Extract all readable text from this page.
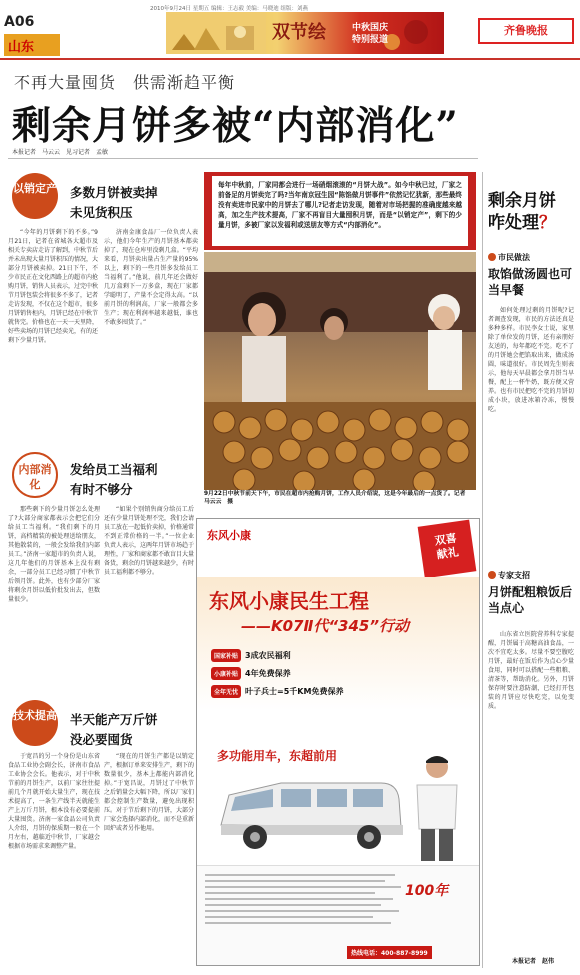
A06
山东
2010年9月24日 星期五 编辑：王志毅 美编：马晓迪 组版：刘燕
双节绘	中秋国庆
特别报道
齐鲁晚报
不再大量囤货　供需渐趋平衡
剩余月饼多被“内部消化”
本报记者　马云云　见习记者　孟敏
以销定产 多数月饼被卖掉
未见货积压

“今年的月饼剩下的不多。”9月21日，记者在省城各大超市及相关专卖店走访了解到，中秋节后并未出现大量月饼积压的情况，大部分月饼被卖掉。21日下午，不少市民正在文化西路上的超市内抢购月饼，销售人员表示，过完中秋节月饼包装会将很多不多了，记者走访发现，不仅在这个超市，很多月饼销售柜内，月饼已经在中秋节就售完。价格也在一天一天里降，好些卖场的月饼已经卖光，有的还剩下少量月饼。

济南金康食品厂一位负责人表示，他们今年生产的月饼基本都卖掉了，现在仓库里没剩几盒。“平均来看，月饼卖出量占生产量的95%以上，剩下的一些月饼多发给员工当福利了。”他说，前几年还会做好几万盒剩下一万多盒，现在厂家都学聪明了，产量不会定得太高。“以前月饼的利润高，厂家一般都会多生产；现在利润率越来越低，谁也不敢多囤货了。”

内部消化
发给员工当福利
有时不够分

那些剩下的少量月饼怎么处理了?大部分商家都表示会把它们分给员工当福利。“我们剩下的月饼，高档精装的被处理送给朋友，其他散装的，一般会发给我们内部员工。”济南一家超市的负责人说，这几年他们的月饼基本上没有剩余，一部分员工已经习惯了中秋节后领月饼。此外，也有少部分厂家将剩余月饼以低价批发出去，但数量很少。

“如果个别销售商分给员工后还有少量月饼处理不完，我们会请员工放在一起低价卖掉，价格通常不到正常价格的一半。”一位企业负责人表示，这两年月饼市场趋于理性，厂家和商家都不敢盲目大量备货，剩余的月饼越来越少，有时员工福利都不够分。

技术提高 半天能产万斤饼
没必要囤货

于宽昌的另一个身份是山东省食品工业协会副会长，济南市食品工业协会会长。他表示，对于中秋节前的月饼生产，以前厂家往往提前几个月就开始大量生产，现在技术提高了，一条生产线半天就能生产上万斤月饼，根本没有必要提前大量囤货。济南一家食品公司负责人介绍，月饼的保质期一般在一个月左右，越临近中秋节，厂家越会根据市场需求来调整产量。

“现在的月饼生产都是以销定产，根据订单来安排生产，剩下的数量很少，基本上都能内部消化掉。”于宽昌说，月饼过了中秋节之后销量会大幅下降，所以厂家们都会控制生产数量，避免出现积压。对于节后剩下的月饼，大部分厂家会选择内部消化，而不是重新回炉或者另作他用。

每年中秋前，厂家同都会进行一场硝烟滚滚的“月饼大战”。如今中秋已过，厂家之前备足的月饼卖完了吗?当年南京冠生园“陈馅做月饼事件”依然记忆犹新，那些最终没有卖进市民家中的月饼去了哪儿?记者走访发现，随着对市场把握的准确度越来越高，加之生产技术提高，厂家不再盲目大量囤积月饼，而是“以销定产”，剩下的少量月饼，多被厂家以发福利或送朋友等方式“内部消化”。
9月22日中秋节前天下午，市民在超市内抢购月饼，工作人员介绍说，这是今年最后的一点货了。记者　马云云　摄
东风小康	双喜
献礼
东风小康民生工程
——K07Ⅱ代“345”行动
国家补贴 3成农民福利
小康补贴 4年免费保养
全年无忧 叶子兵士=5千KM免费保养
多功能用车，东超前用
100年
热线电话：400-887-8999
剩余月饼
咋处理？
市民做法
取馅做汤圆也可当早餐

如何处理过剩的月饼呢?记者调查发现，市民的方法还真是多种多样。市民李女士说，家里除了单位发的月饼，还有亲朋好友送的，每年都吃不完。吃不了的月饼她会把馅取出来，做成汤圆，味道很好。市民周先生则表示，他每天早晨都会拿月饼当早餐，配上一杯牛奶，既方便又营养。也有市民把吃不完的月饼切成小块，放进冰箱冷冻，慢慢吃。

专家支招
月饼配粗粮饭后当点心

山东省立医院营养科专家提醒，月饼属于高糖高油食品，一次不宜吃太多。尽量不要空腹吃月饼，最好在饭后作为点心少量食用，同时可以搭配一些粗粮、清茶等，帮助消化。另外，月饼保存时要注意防潮，已经打开包装的月饼应尽快吃完，以免变质。

本报记者　赵伟
